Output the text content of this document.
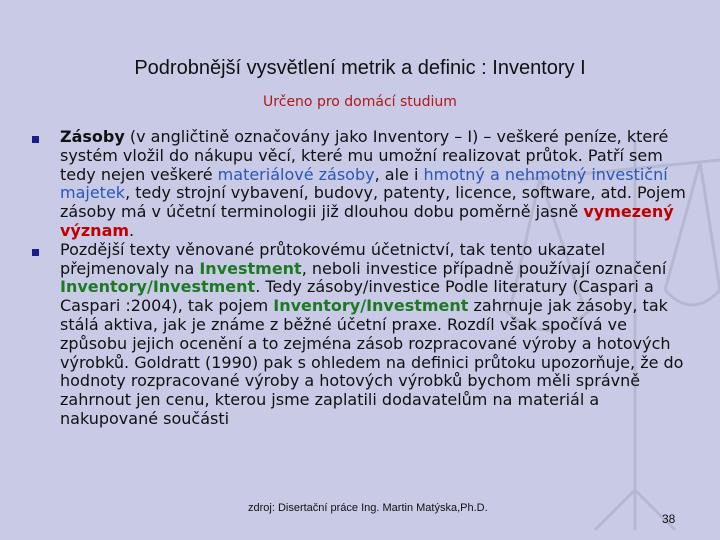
Podrobnější vysvětlení metrik a definic : Inventory I
Určeno pro domácí studium
Zásoby (v angličtině označovány jako Inventory – I) – veškeré peníze, které systém vložil do nákupu věcí, které mu umožní realizovat průtok. Patří sem tedy nejen veškeré materiálové zásoby, ale i hmotný a nehmotný investiční majetek, tedy strojní vybavení, budovy, patenty, licence, software, atd. Pojem zásoby má v účetní terminologii již dlouhou dobu poměrně jasně vymezený význam.
Pozdější texty věnované průtokovému účetnictví, tak tento ukazatel přejmenovaly na Investment, neboli investice případně používají označení Inventory/Investment. Tedy zásoby/investice Podle literatury (Caspari a Caspari :2004), tak pojem Inventory/Investment zahrnuje jak zásoby, tak stálá aktiva, jak je známe z běžné účetní praxe. Rozdíl však spočívá ve způsobu jejich ocenění a to zejména zásob rozpracované výroby a hotových výrobků. Goldratt (1990) pak s ohledem na definici průtoku upozorňuje, že do hodnoty rozpracované výroby a hotových výrobků bychom měli správně zahrnout jen cenu, kterou jsme zaplatili dodavatelům na materiál a nakupované součásti
zdroj: Disertační práce Ing. Martin Matýska,Ph.D.
38
